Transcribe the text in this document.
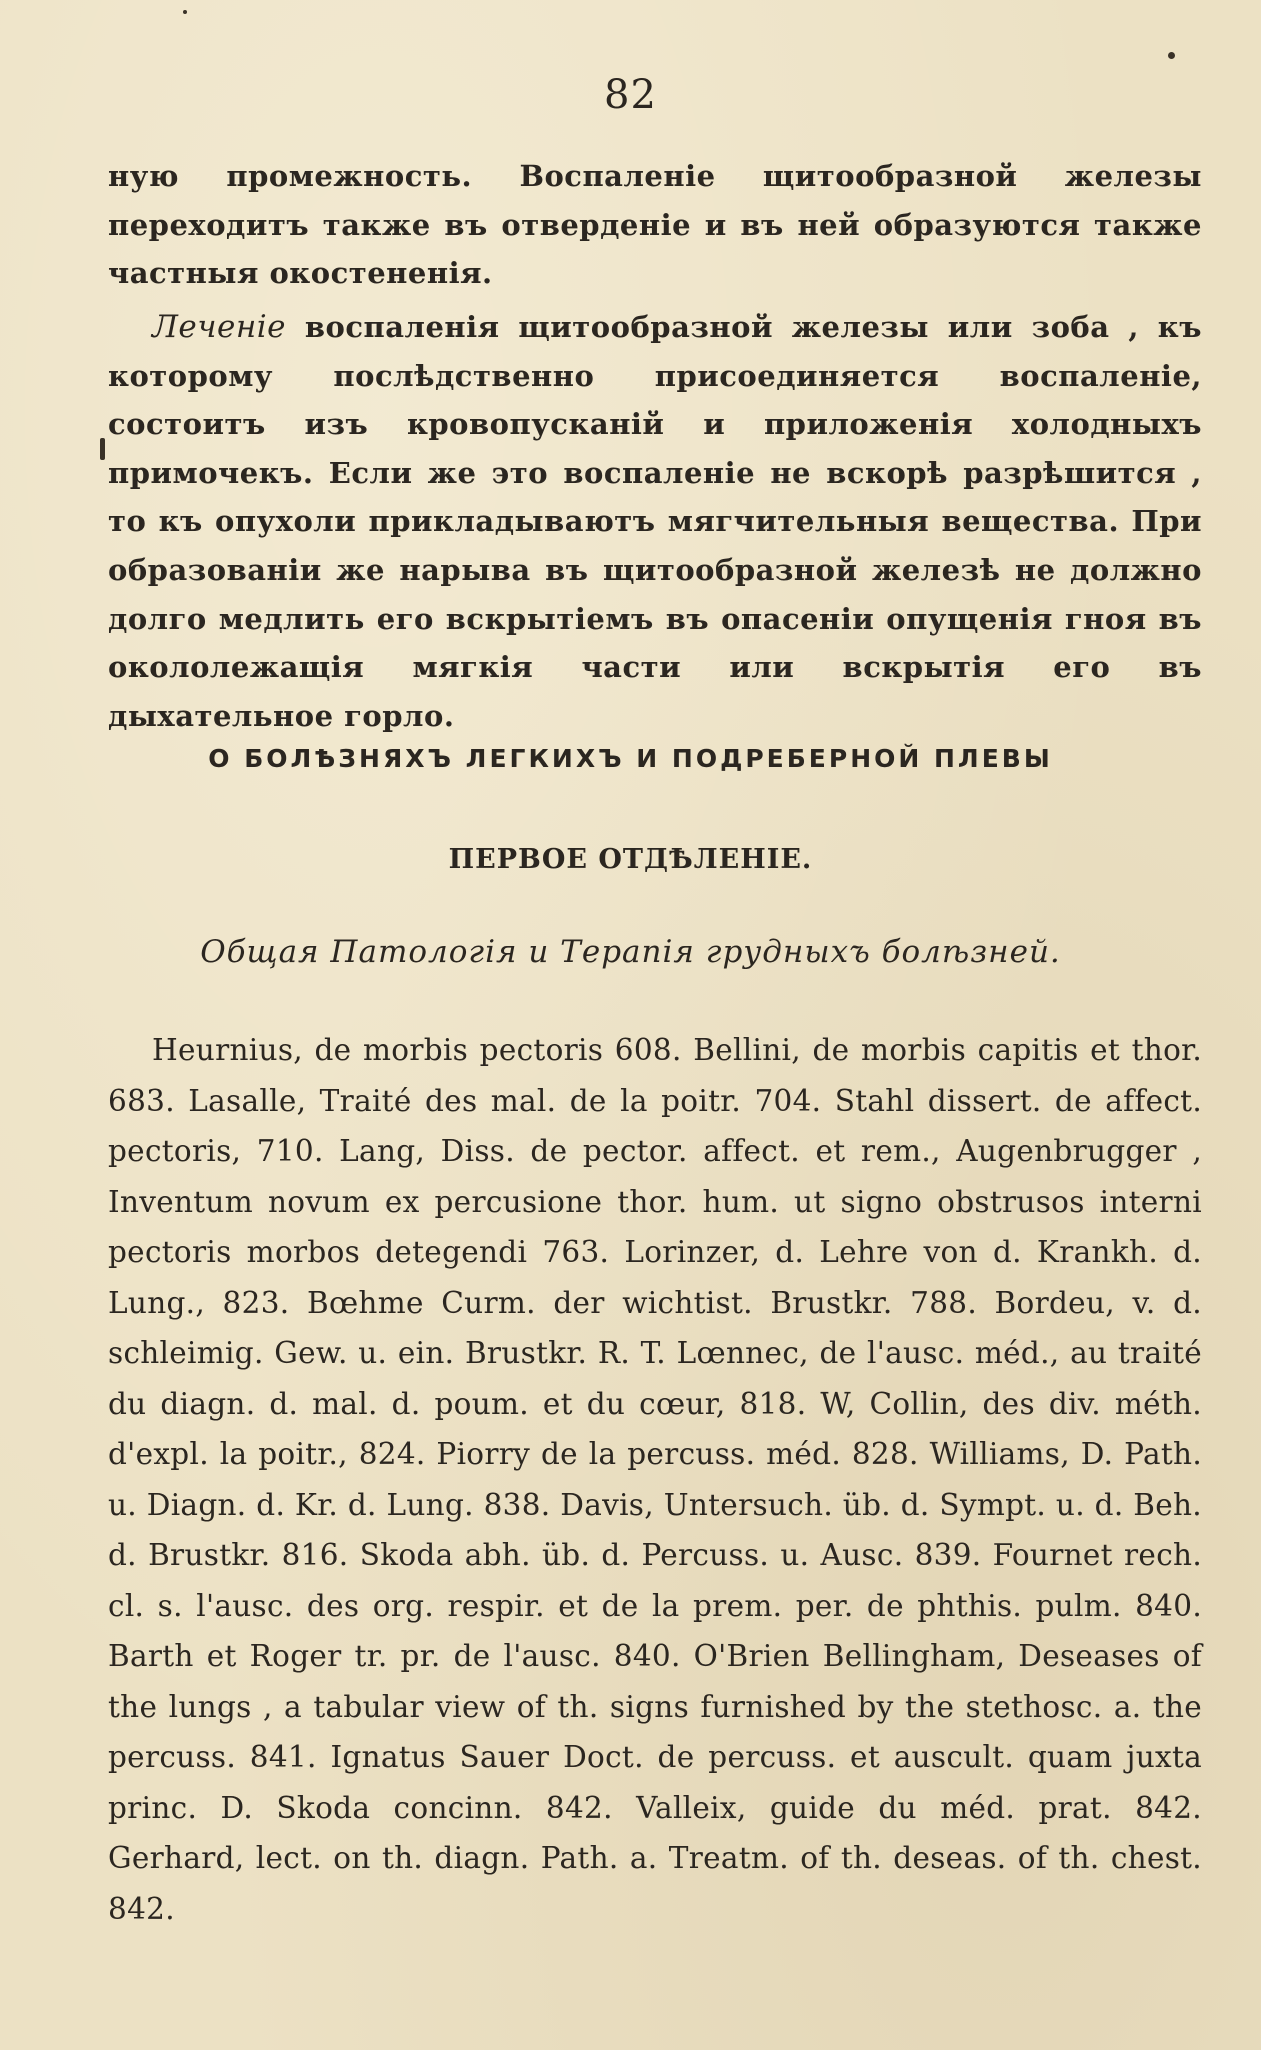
82

ную промежность. Воспаленіе щитообразной железы переходитъ также въ отверденіе и въ ней образуются также частныя окостененія.

Леченіе воспаленія щитообразной железы или зоба , къ которому послѣдственно присоединяется воспаленіе, состоитъ изъ кровопусканій и приложенія холодныхъ примочекъ. Если же это воспаленіе не вскорѣ разрѣшится , то къ опухоли прикладываютъ мягчительныя вещества. При образованіи же нарыва въ щитообразной железѣ не должно долго медлить его вскрытіемъ въ опасеніи опущенія гноя въ окололежащія мягкія части или вскрытія его въ дыхательное горло.

О БОЛѢЗНЯХЪ ЛЕГКИХЪ И ПОДРЕБЕРНОЙ ПЛЕВЫ
ПЕРВОЕ ОТДѢЛЕНІЕ.
Общая Патологія и Терапія грудныхъ болѣзней.

Heurnius, de morbis pectoris 608. Bellini, de morbis capitis et thor. 683. Lasalle, Traité des mal. de la poitr. 704. Stahl dissert. de affect. pectoris, 710. Lang, Diss. de pector. affect. et rem., Augenbrugger , Inventum novum ex percusione thor. hum. ut signo obstrusos interni pectoris morbos detegendi 763. Lorinzer, d. Lehre von d. Krankh. d. Lung., 823. Bœhme Curm. der wichtist. Brustkr. 788. Bordeu, v. d. schleimig. Gew. u. ein. Brustkr. R. T. Lœnnec, de l'ausc. méd., au traité du diagn. d. mal. d. poum. et du cœur, 818. W, Collin, des div. méth. d'expl. la poitr., 824. Piorry de la percuss. méd. 828. Williams, D. Path. u. Diagn. d. Kr. d. Lung. 838. Davis, Untersuch. üb. d. Sympt. u. d. Beh. d. Brustkr. 816. Skoda abh. üb. d. Percuss. u. Ausc. 839. Fournet rech. cl. s. l'ausc. des org. respir. et de la prem. per. de phthis. pulm. 840. Barth et Roger tr. pr. de l'ausc. 840. O'Brien Bellingham, Deseases of the lungs , a tabular view of th. signs furnished by the stethosc. a. the percuss. 841. Ignatus Sauer Doct. de percuss. et auscult. quam juxta princ. D. Skoda concinn. 842. Valleix, guide du méd. prat. 842. Gerhard, lect. on th. diagn. Path. a. Treatm. of th. deseas. of th. chest. 842.
